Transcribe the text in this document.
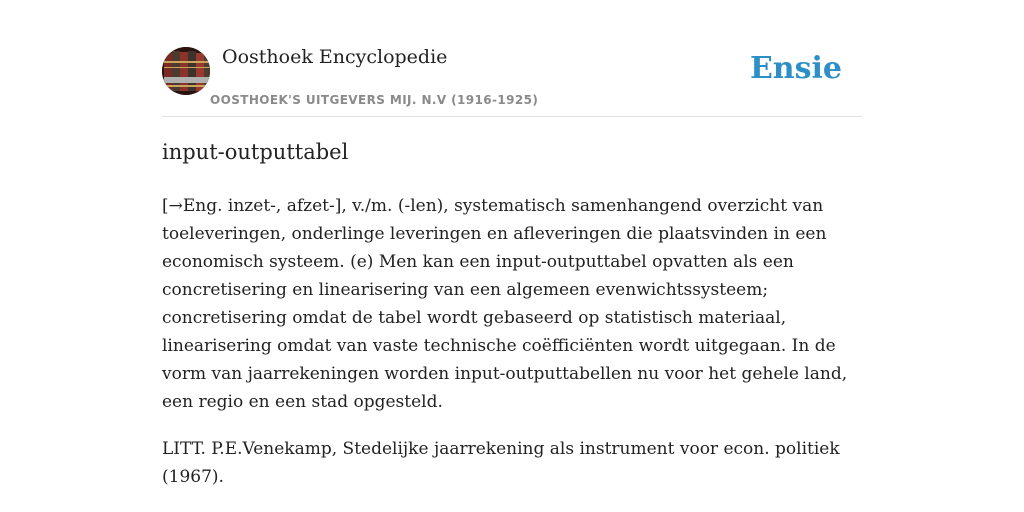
Oosthoek Encyclopedie
OOSTHOEK'S UITGEVERS MIJ. N.V (1916-1925)
Ensie
input-outputtabel

[→Eng. inzet-, afzet-], v./m. (-len), systematisch samenhangend overzicht van toeleveringen, onderlinge leveringen en afleveringen die plaatsvinden in een economisch systeem. (e) Men kan een input-outputtabel opvatten als een concretisering en linearisering van een algemeen evenwichtssysteem; concretisering omdat de tabel wordt gebaseerd op statistisch materiaal, linearisering omdat van vaste technische coëfficiënten wordt uitgegaan. In de vorm van jaarrekeningen worden input-outputtabellen nu voor het gehele land, een regio en een stad opgesteld.

LITT. P.E.Venekamp, Stedelijke jaarrekening als instrument voor econ. politiek (1967).
